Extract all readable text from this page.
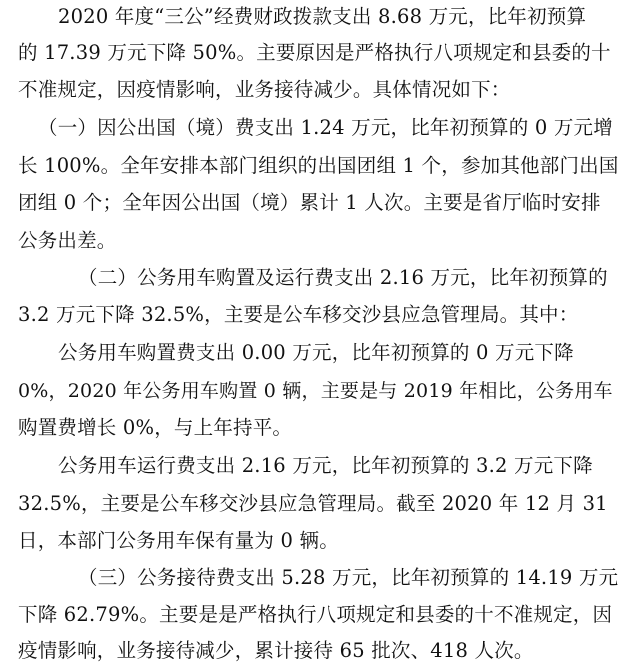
2020 年度“三公”经费财政拨款支出 8.68 万元，比年初预算
的 17.39 万元下降 50%。主要原因是严格执行八项规定和县委的十
不准规定，因疫情影响，业务接待减少。具体情况如下：
（一）因公出国（境）费支出 1.24 万元，比年初预算的 0 万元增
长 100%。全年安排本部门组织的出国团组 1 个，参加其他部门出国
团组 0 个；全年因公出国（境）累计 1 人次。主要是省厅临时安排
公务出差。
（二）公务用车购置及运行费支出 2.16 万元，比年初预算的
3.2 万元下降 32.5%，主要是公车移交沙县应急管理局。其中：
公务用车购置费支出 0.00 万元，比年初预算的 0 万元下降
0%，2020 年公务用车购置 0 辆，主要是与 2019 年相比，公务用车
购置费增长 0%，与上年持平。
公务用车运行费支出 2.16 万元，比年初预算的 3.2 万元下降
32.5%，主要是公车移交沙县应急管理局。截至 2020 年 12 月 31
日，本部门公务用车保有量为 0 辆。
（三）公务接待费支出 5.28 万元，比年初预算的 14.19 万元
下降 62.79%。主要是是严格执行八项规定和县委的十不准规定，因
疫情影响，业务接待减少，累计接待 65 批次、418 人次。
